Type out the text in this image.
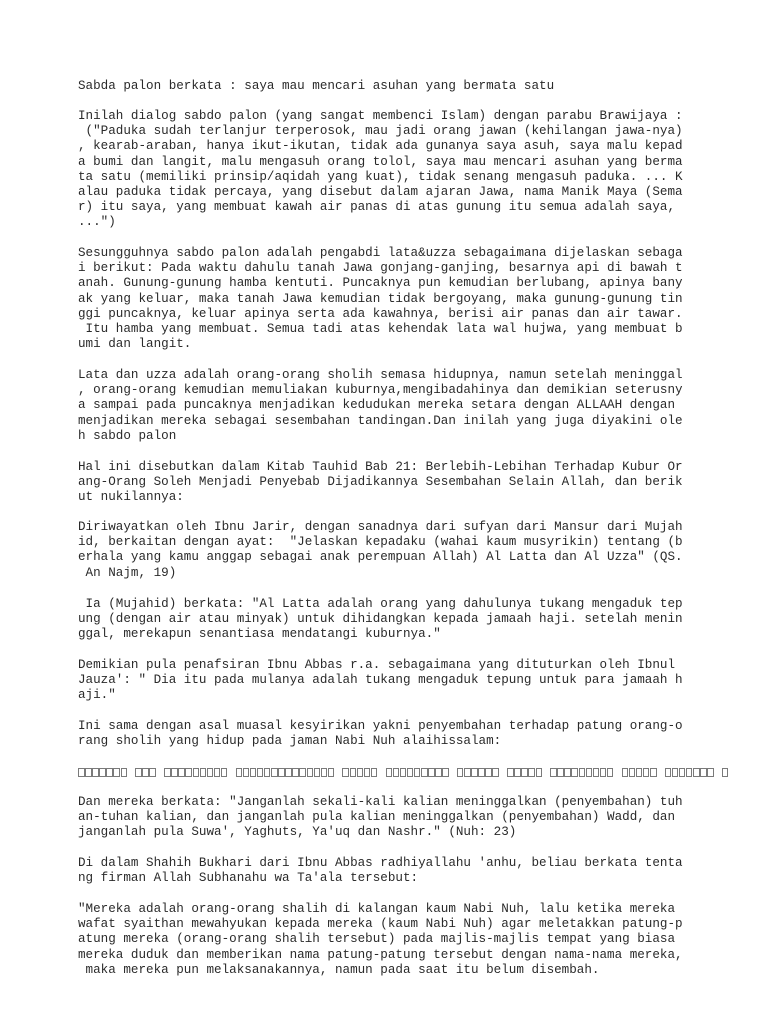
Sabda palon berkata : saya mau mencari asuhan yang bermata satu
Inilah dialog sabdo palon (yang sangat membenci Islam) dengan parabu Brawijaya :
("Paduka sudah terlanjur terperosok, mau jadi orang jawan (kehilangan jawa-nya)
, kearab-araban, hanya ikut-ikutan, tidak ada gunanya saya asuh, saya malu kepad
a bumi dan langit, malu mengasuh orang tolol, saya mau mencari asuhan yang berma
ta satu (memiliki prinsip/aqidah yang kuat), tidak senang mengasuh paduka. ... K
alau paduka tidak percaya, yang disebut dalam ajaran Jawa, nama Manik Maya (Sema
r) itu saya, yang membuat kawah air panas di atas gunung itu semua adalah saya,
...")
Sesungguhnya sabdo palon adalah pengabdi lata&uzza sebagaimana dijelaskan sebaga
i berikut: Pada waktu dahulu tanah Jawa gonjang-ganjing, besarnya api di bawah t
anah. Gunung-gunung hamba kentuti. Puncaknya pun kemudian berlubang, apinya bany
ak yang keluar, maka tanah Jawa kemudian tidak bergoyang, maka gunung-gunung tin
ggi puncaknya, keluar apinya serta ada kawahnya, berisi air panas dan air tawar.
Itu hamba yang membuat. Semua tadi atas kehendak lata wal hujwa, yang membuat b
umi dan langit.
Lata dan uzza adalah orang-orang sholih semasa hidupnya, namun setelah meninggal
, orang-orang kemudian memuliakan kuburnya,mengibadahinya dan demikian seterusny
a sampai pada puncaknya menjadikan kedudukan mereka setara dengan ALLAAH dengan
menjadikan mereka sebagai sesembahan tandingan.Dan inilah yang juga diyakini ole
h sabdo palon
Hal ini disebutkan dalam Kitab Tauhid Bab 21: Berlebih-Lebihan Terhadap Kubur Or
ang-Orang Soleh Menjadi Penyebab Dijadikannya Sesembahan Selain Allah, dan berik
ut nukilannya:
Diriwayatkan oleh Ibnu Jarir, dengan sanadnya dari sufyan dari Mansur dari Mujah
id, berkaitan dengan ayat:  "Jelaskan kepadaku (wahai kaum musyrikin) tentang (b
erhala yang kamu anggap sebagai anak perempuan Allah) Al Latta dan Al Uzza" (QS.
An Najm, 19)
Ia (Mujahid) berkata: "Al Latta adalah orang yang dahulunya tukang mengaduk tep
ung (dengan air atau minyak) untuk dihidangkan kepada jamaah haji. setelah menin
ggal, merekapun senantiasa mendatangi kuburnya."
Demikian pula penafsiran Ibnu Abbas r.a. sebagaimana yang dituturkan oleh Ibnul
Jauza': " Dia itu pada mulanya adalah tukang mengaduk tepung untuk para jamaah h
aji."
Ini sama dengan asal muasal kesyirikan yakni penyembahan terhadap patung orang-o
rang sholih yang hidup pada jaman Nabi Nuh alaihissalam:
Dan mereka berkata: "Janganlah sekali-kali kalian meninggalkan (penyembahan) tuh
an-tuhan kalian, dan janganlah pula kalian meninggalkan (penyembahan) Wadd, dan
janganlah pula Suwa', Yaghuts, Ya'uq dan Nashr." (Nuh: 23)
Di dalam Shahih Bukhari dari Ibnu Abbas radhiyallahu 'anhu, beliau berkata tenta
ng firman Allah Subhanahu wa Ta'ala tersebut:
"Mereka adalah orang-orang shalih di kalangan kaum Nabi Nuh, lalu ketika mereka
wafat syaithan mewahyukan kepada mereka (kaum Nabi Nuh) agar meletakkan patung-p
atung mereka (orang-orang shalih tersebut) pada majlis-majlis tempat yang biasa
mereka duduk dan memberikan nama patung-patung tersebut dengan nama-nama mereka,
maka mereka pun melaksanakannya, namun pada saat itu belum disembah.
